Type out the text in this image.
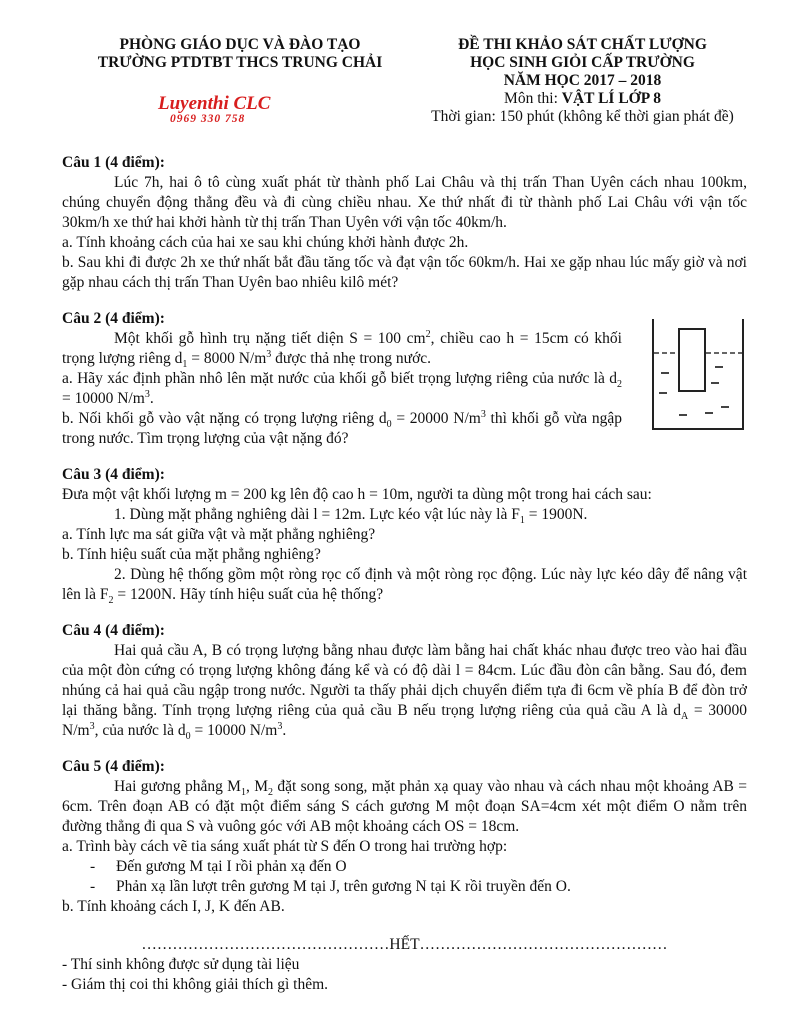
PHÒNG GIÁO DỤC VÀ ĐÀO TẠO
TRƯỜNG PTDTBT THCS TRUNG CHẢI
ĐỀ THI KHẢO SÁT CHẤT LƯỢNG
HỌC SINH GIỎI CẤP TRƯỜNG
NĂM HỌC 2017 – 2018
Môn thi: VẬT LÍ LỚP 8
Thời gian: 150 phút (không kể thời gian phát đề)
Luyenthi CLC
0969 330 758

Câu 1 (4 điểm):

Lúc 7h, hai ô tô cùng xuất phát từ thành phố Lai Châu và thị trấn Than Uyên cách nhau 100km, chúng chuyển động thẳng đều và đi cùng chiều nhau. Xe thứ nhất đi từ thành phố Lai Châu với vận tốc 30km/h xe thứ hai khởi hành từ thị trấn Than Uyên với vận tốc 40km/h.

a. Tính khoảng cách của hai xe sau khi chúng khởi hành được 2h.

b. Sau khi đi được 2h xe thứ nhất bắt đầu tăng tốc và đạt vận tốc 60km/h. Hai xe gặp nhau lúc mấy giờ và nơi gặp nhau cách thị trấn Than Uyên bao nhiêu kilô mét?

Câu 2 (4 điểm):

Một khối gỗ hình trụ nặng tiết diện S = 100 $cm^2$, chiều cao h = 15cm có khối trọng lượng riêng $d_1 = 8000$ $N/m^3$ được thả nhẹ trong nước.

a. Hãy xác định phần nhô lên mặt nước của khối gỗ biết trọng lượng riêng của nước là $d_2 = 10000$ $N/m^3$.

b. Nối khối gỗ vào vật nặng có trọng lượng riêng $d_0 = 20000$ $N/m^3$ thì khối gỗ vừa ngập trong nước. Tìm trọng lượng của vật nặng đó?

Câu 3 (4 điểm):

Đưa một vật khối lượng m = 200 kg lên độ cao h = 10m, người ta dùng một trong hai cách sau:

1. Dùng mặt phẳng nghiêng dài l = 12m. Lực kéo vật lúc này là $F_1 = 1900N$.

a. Tính lực ma sát giữa vật và mặt phẳng nghiêng?

b. Tính hiệu suất của mặt phẳng nghiêng?

2. Dùng hệ thống gồm một ròng rọc cố định và một ròng rọc động. Lúc này lực kéo dây để nâng vật lên là $F_2 = 1200N$. Hãy tính hiệu suất của hệ thống?

Câu 4 (4 điểm):

Hai quả cầu A, B có trọng lượng bằng nhau được làm bằng hai chất khác nhau được treo vào hai đầu của một đòn cứng có trọng lượng không đáng kể và có độ dài l = 84cm. Lúc đầu đòn cân bằng. Sau đó, đem nhúng cả hai quả cầu ngập trong nước. Người ta thấy phải dịch chuyển điểm tựa đi 6cm về phía B để đòn trở lại thăng bằng. Tính trọng lượng riêng của quả cầu B nếu trọng lượng riêng của quả cầu A là $d_A = 30000$ $N/m^3$, của nước là $d_0 = 10000$ $N/m^3$.

Câu 5 (4 điểm):

Hai gương phẳng $M_1$, $M_2$ đặt song song, mặt phản xạ quay vào nhau và cách nhau một khoảng AB = 6cm. Trên đoạn AB có đặt một điểm sáng S cách gương M một đoạn SA=4cm xét một điểm O nằm trên đường thẳng đi qua S và vuông góc với AB một khoảng cách OS = 18cm.

a. Trình bày cách vẽ tia sáng xuất phát từ S đến O trong hai trường hợp:

- Đến gương M tại I rồi phản xạ đến O
- Phản xạ lần lượt trên gương M tại J, trên gương N tại K rồi truyền đến O.

b. Tính khoảng cách I, J, K đến AB.

…………………………………………HẾT…………………………………………

- Thí sinh không được sử dụng tài liệu

- Giám thị coi thi không giải thích gì thêm.
